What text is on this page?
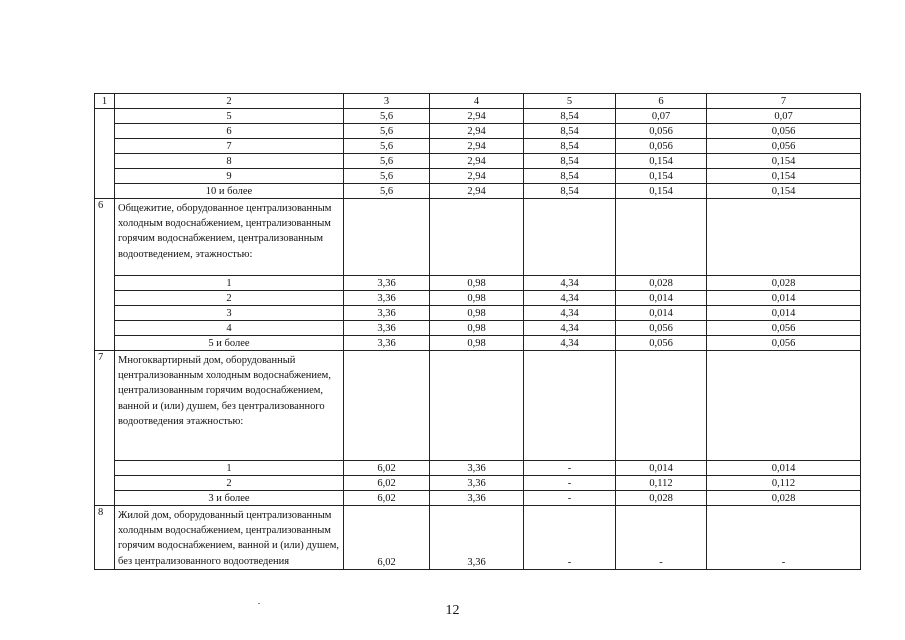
1	2	3	4	5	6	7
	5	5,6	2,94	8,54	0,07	0,07
	6	5,6	2,94	8,54	0,056	0,056
	7	5,6	2,94	8,54	0,056	0,056
	8	5,6	2,94	8,54	0,154	0,154
	9	5,6	2,94	8,54	0,154	0,154
	10 и более	5,6	2,94	8,54	0,154	0,154
6	Общежитие, оборудованное централизованным холодным водоснабжением, централизованным горячим водоснабжением, централизованным водоотведением, этажностью:					
	1	3,36	0,98	4,34	0,028	0,028
	2	3,36	0,98	4,34	0,014	0,014
	3	3,36	0,98	4,34	0,014	0,014
	4	3,36	0,98	4,34	0,056	0,056
	5 и более	3,36	0,98	4,34	0,056	0,056
7	Многоквартирный дом, оборудованный централизованным холодным водоснабжением, централизованным горячим водоснабжением, ванной и (или) душем, без централизованного водоотведения этажностью:					
	1	6,02	3,36	-	0,014	0,014
	2	6,02	3,36	-	0,112	0,112
	3 и более	6,02	3,36	-	0,028	0,028
8	Жилой дом, оборудованный централизованным холодным водоснабжением, централизованным горячим водоснабжением, ванной и (или) душем, без централизованного водоотведения	6,02	3,36	-	-	-
12
